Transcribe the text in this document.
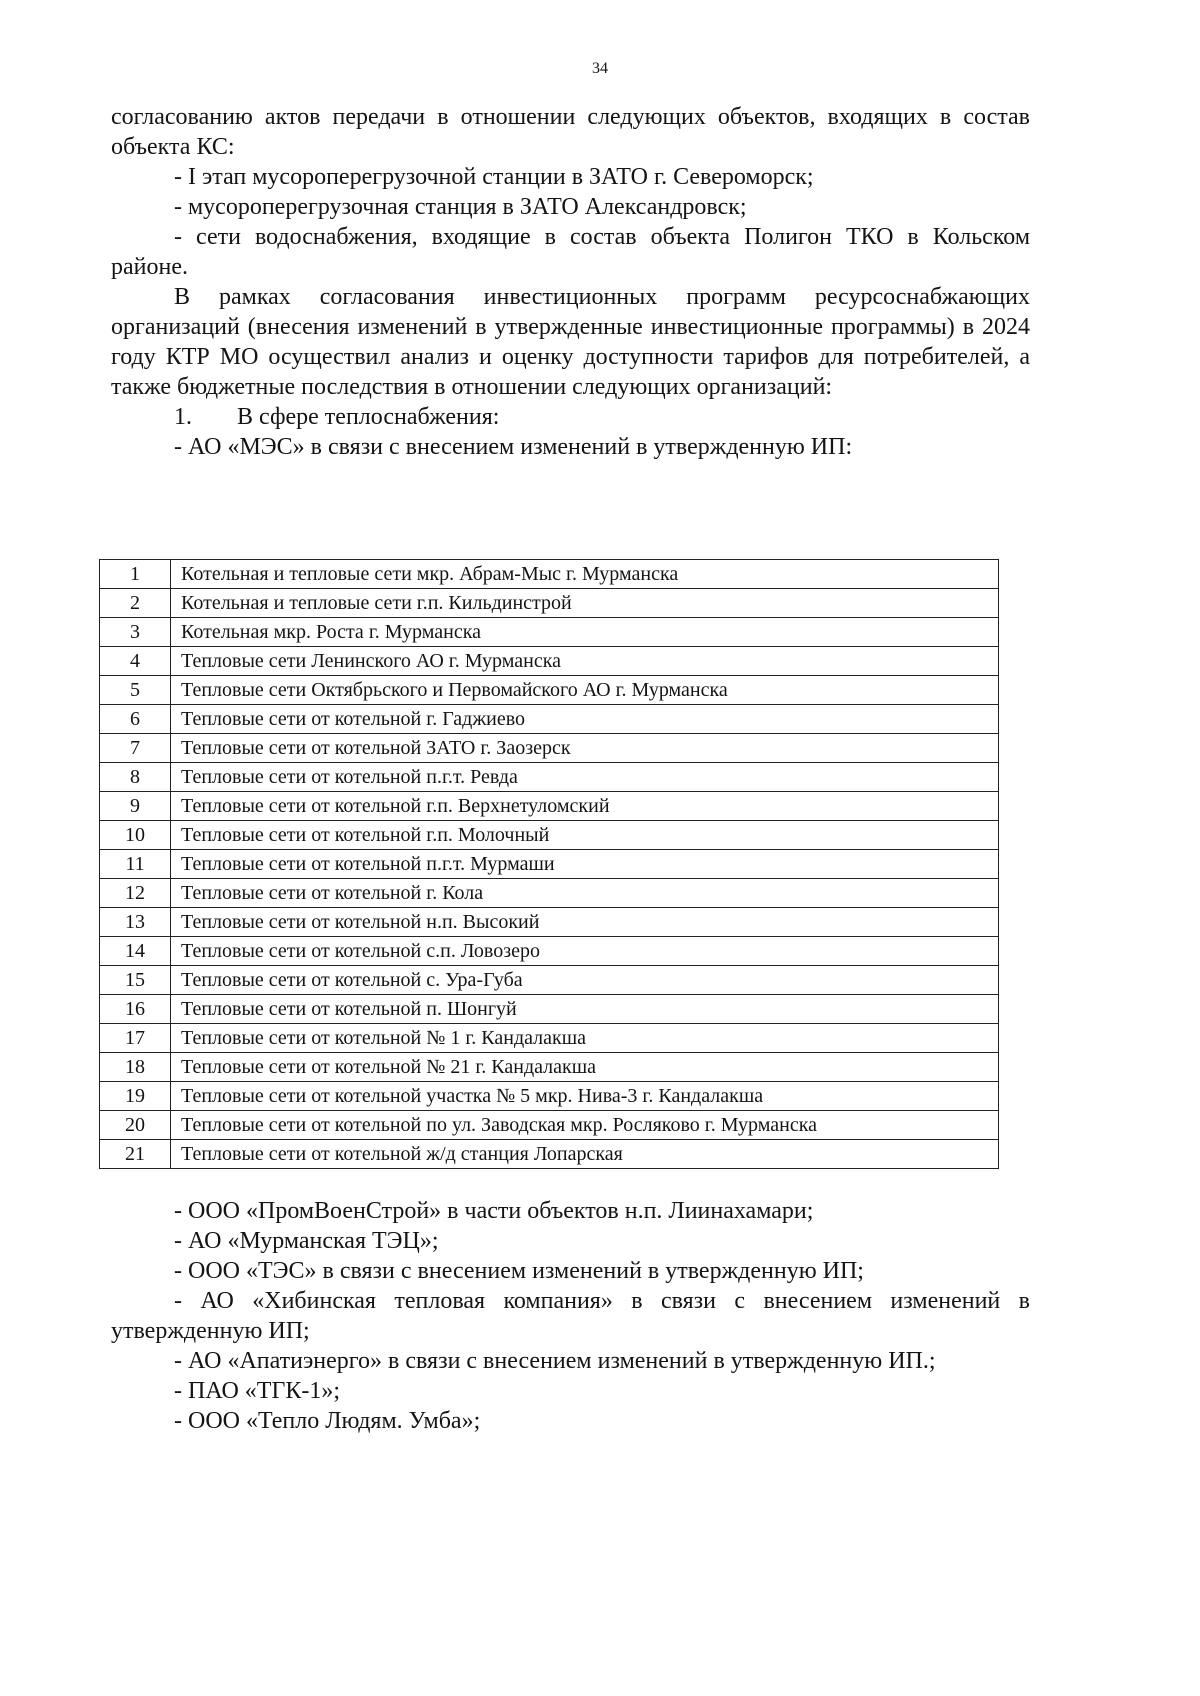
34

согласованию актов передачи в отношении следующих объектов, входящих в состав объекта КС:

- I этап мусороперегрузочной станции в ЗАТО г. Североморск;

- мусороперегрузочная станция в ЗАТО Александровск;

- сети водоснабжения, входящие в состав объекта Полигон ТКО в Кольском районе.

В рамках согласования инвестиционных программ ресурсоснабжающих организаций (внесения изменений в утвержденные инвестиционные программы) в 2024 году КТР МО осуществил анализ и оценку доступности тарифов для потребителей, а также бюджетные последствия в отношении следующих организаций:

1.	В сфере теплоснабжения:

- АО «МЭС» в связи с внесением изменений в утвержденную ИП:

1	Котельная и тепловые сети мкр. Абрам-Мыс г. Мурманска
2	Котельная и тепловые сети г.п. Кильдинстрой
3	Котельная мкр. Роста г. Мурманска
4	Тепловые сети Ленинского АО г. Мурманска
5	Тепловые сети Октябрьского и Первомайского АО г. Мурманска
6	Тепловые сети от котельной г. Гаджиево
7	Тепловые сети от котельной ЗАТО г. Заозерск
8	Тепловые сети от котельной п.г.т. Ревда
9	Тепловые сети от котельной г.п. Верхнетуломский
10	Тепловые сети от котельной г.п. Молочный
11	Тепловые сети от котельной п.г.т. Мурмаши
12	Тепловые сети от котельной г. Кола
13	Тепловые сети от котельной н.п. Высокий
14	Тепловые сети от котельной с.п. Ловозеро
15	Тепловые сети от котельной с. Ура-Губа
16	Тепловые сети от котельной п. Шонгуй
17	Тепловые сети от котельной № 1 г. Кандалакша
18	Тепловые сети от котельной № 21 г. Кандалакша
19	Тепловые сети от котельной участка № 5 мкр. Нива-3 г. Кандалакша
20	Тепловые сети от котельной по ул. Заводская мкр. Росляково г. Мурманска
21	Тепловые сети от котельной ж/д станция Лопарская

- ООО «ПромВоенСтрой» в части объектов н.п. Лиинахамари;

- АО «Мурманская ТЭЦ»;

- ООО «ТЭС» в связи с внесением изменений в утвержденную ИП;

- АО «Хибинская тепловая компания» в связи с внесением изменений в утвержденную ИП;

- АО «Апатиэнерго» в связи с внесением изменений в утвержденную ИП.;

- ПАО «ТГК-1»;

- ООО «Тепло Людям. Умба»;
